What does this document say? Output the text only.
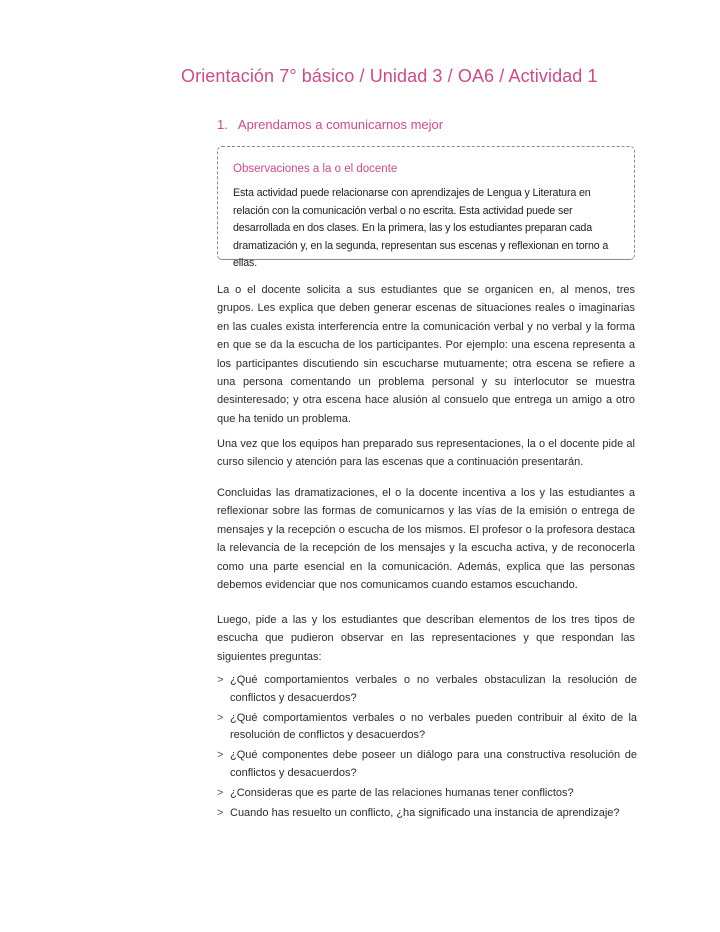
Orientación 7° básico / Unidad 3 / OA6 / Actividad 1
1. Aprendamos a comunicarnos mejor
Observaciones a la o el docente

Esta actividad puede relacionarse con aprendizajes de Lengua y Literatura en relación con la comunicación verbal o no escrita. Esta actividad puede ser desarrollada en dos clases. En la primera, las y los estudiantes preparan cada dramatización y, en la segunda, representan sus escenas y reflexionan en torno a ellas.

La o el docente solicita a sus estudiantes que se organicen en, al menos, tres grupos. Les explica que deben generar escenas de situaciones reales o imaginarias en las cuales exista interferencia entre la comunicación verbal y no verbal y la forma en que se da la escucha de los participantes. Por ejemplo: una escena representa a los participantes discutiendo sin escucharse mutuamente; otra escena se refiere a una persona comentando un problema personal y su interlocutor se muestra desinteresado; y otra escena hace alusión al consuelo que entrega un amigo a otro que ha tenido un problema.

Una vez que los equipos han preparado sus representaciones, la o el docente pide al curso silencio y atención para las escenas que a continuación presentarán.

Concluidas las dramatizaciones, el o la docente incentiva a los y las estudiantes a reflexionar sobre las formas de comunicarnos y las vías de la emisión o entrega de mensajes y la recepción o escucha de los mismos. El profesor o la profesora destaca la relevancia de la recepción de los mensajes y la escucha activa, y de reconocerla como una parte esencial en la comunicación. Además, explica que las personas debemos evidenciar que nos comunicamos cuando estamos escuchando.

Luego, pide a las y los estudiantes que describan elementos de los tres tipos de escucha que pudieron observar en las representaciones y que respondan las siguientes preguntas:

> ¿Qué comportamientos verbales o no verbales obstaculizan la resolución de conflictos y desacuerdos?
> ¿Qué comportamientos verbales o no verbales pueden contribuir al éxito de la resolución de conflictos y desacuerdos?
> ¿Qué componentes debe poseer un diálogo para una constructiva resolución de conflictos y desacuerdos?
> ¿Consideras que es parte de las relaciones humanas tener conflictos?
> Cuando has resuelto un conflicto, ¿ha significado una instancia de aprendizaje?
